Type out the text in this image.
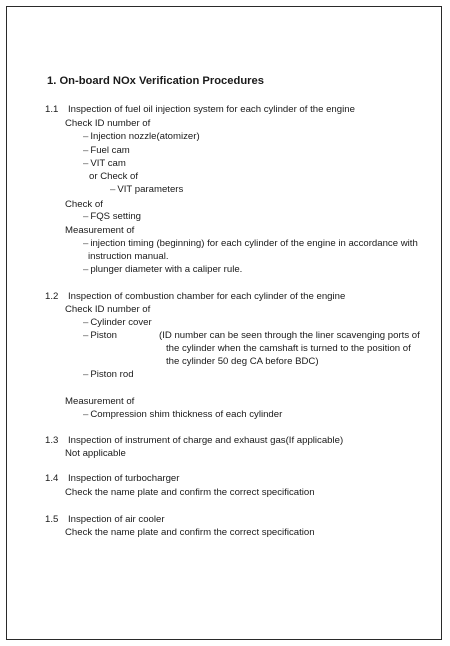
1. On-board NOx Verification Procedures
1.1 Inspection of fuel oil injection system for each cylinder of the engine
Check ID number of
– Injection nozzle(atomizer)
– Fuel cam
– VIT cam
or Check of
– VIT parameters
Check of
– FQS setting
Measurement of
– injection timing (beginning) for each cylinder of the engine in accordance with
instruction manual.
– plunger diameter with a caliper rule.
1.2 Inspection of combustion chamber for each cylinder of the engine
Check ID number of
– Cylinder cover
– Piston	(ID number can be seen through the liner scavenging ports of
the cylinder when the camshaft is turned to the position of
the cylinder 50 deg CA before BDC)
– Piston rod
Measurement of
– Compression shim thickness of each cylinder
1.3 Inspection of instrument of charge and exhaust gas(If applicable)
Not applicable
1.4 Inspection of turbocharger
Check the name plate and confirm the correct specification
1.5 Inspection of air cooler
Check the name plate and confirm the correct specification
